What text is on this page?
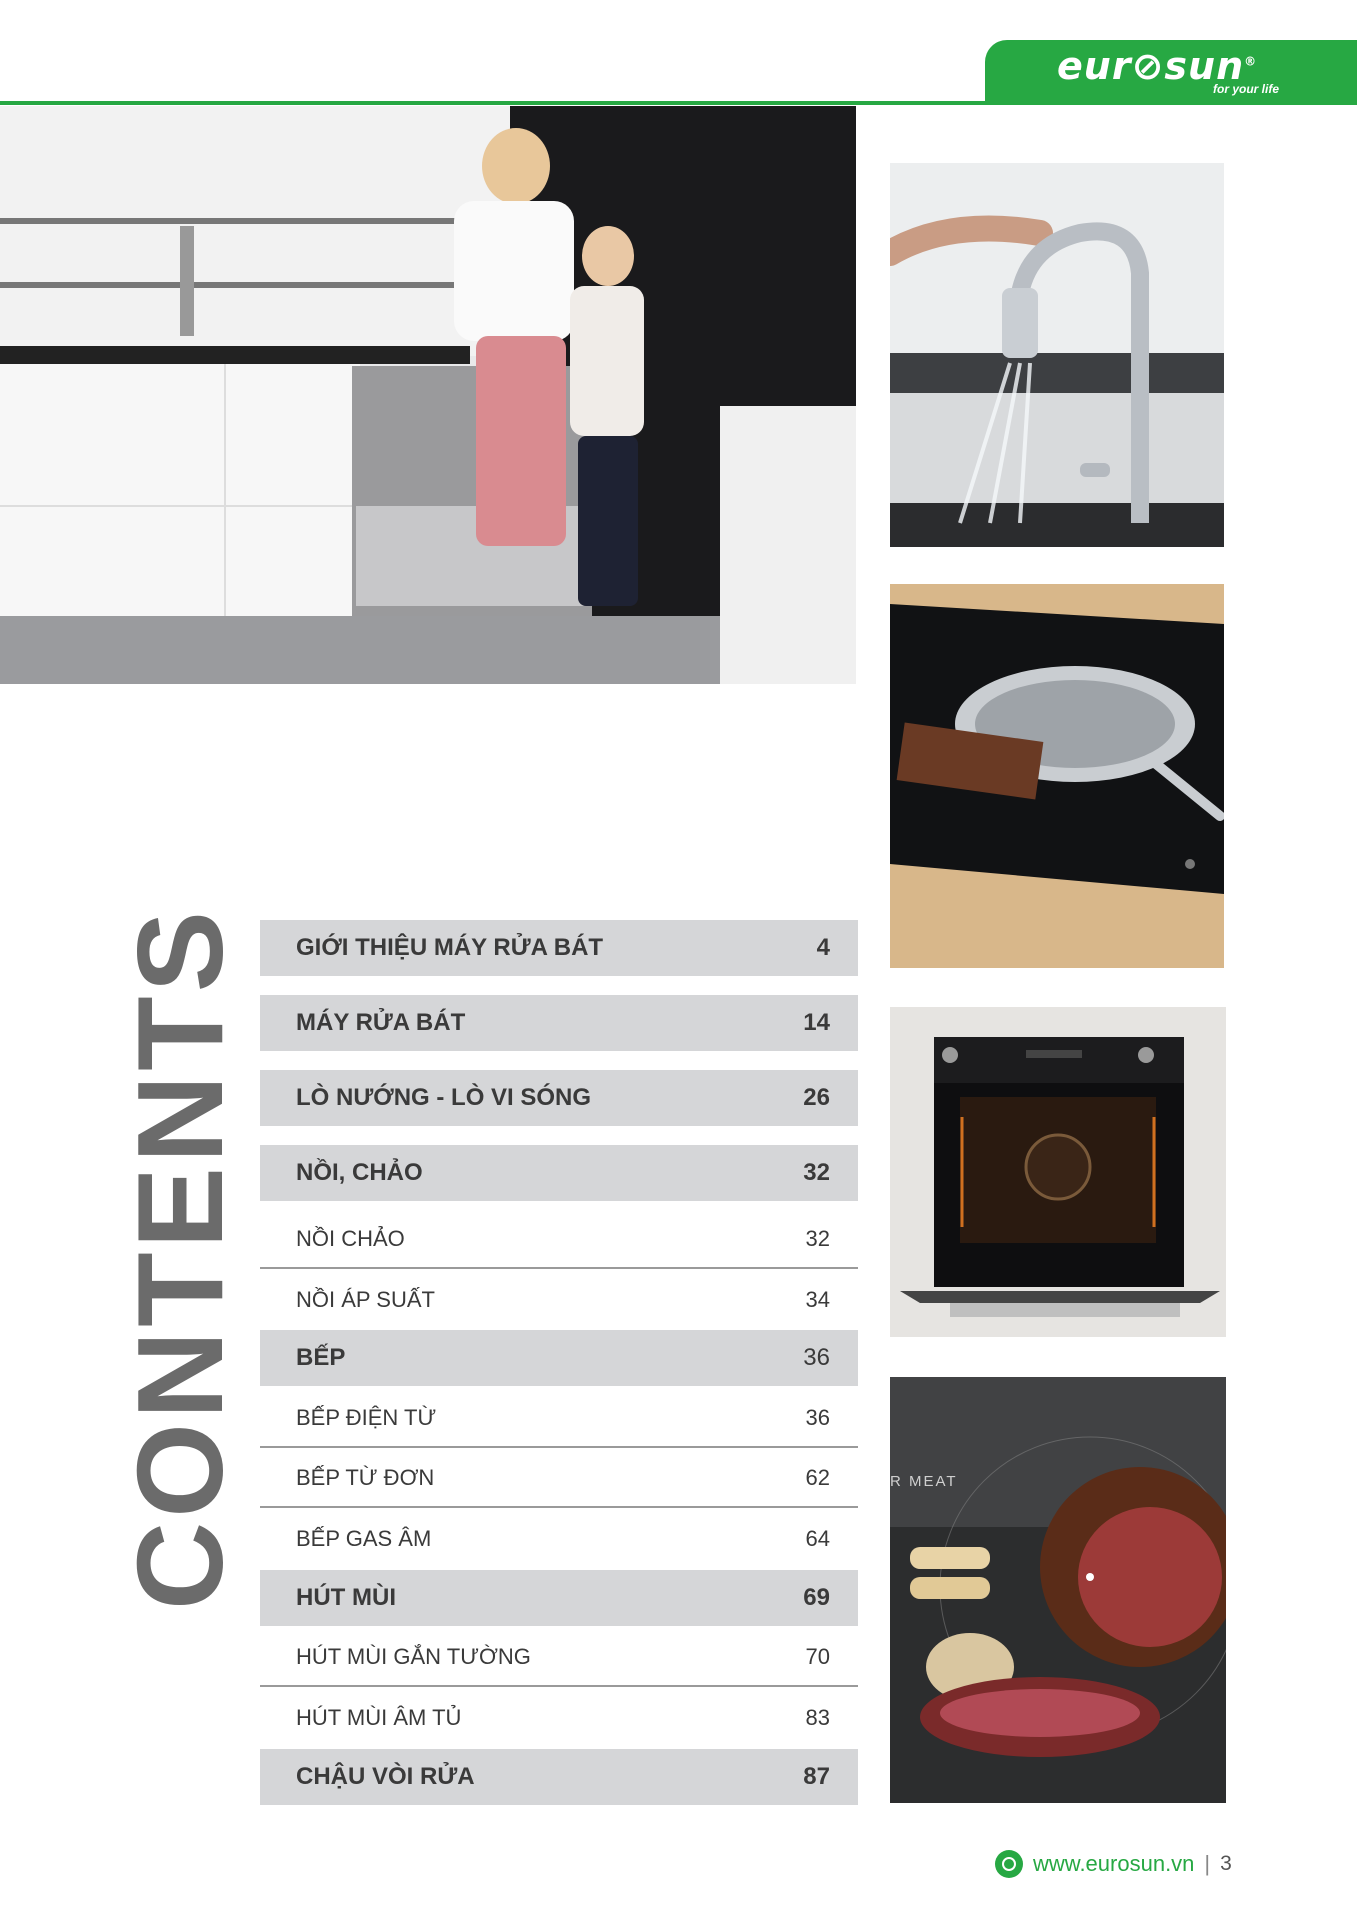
eur⊘sun®
for your life
R MEAT
CONTENTS GIỚI THIỆU MÁY RỬA BÁT	4
MÁY RỬA BÁT	14
LÒ NƯỚNG - LÒ VI SÓNG	26
NỒI, CHẢO	32
NỒI CHẢO	32
NỒI ÁP SUẤT	34
BẾP	36
BẾP ĐIỆN TỪ	36
BẾP TỪ ĐƠN	62
BẾP GAS ÂM	64
HÚT MÙI	69
HÚT MÙI GẮN TƯỜNG	70
HÚT MÙI ÂM TỦ	83
CHẬU VÒI RỬA	87
www.eurosun.vn | 3
